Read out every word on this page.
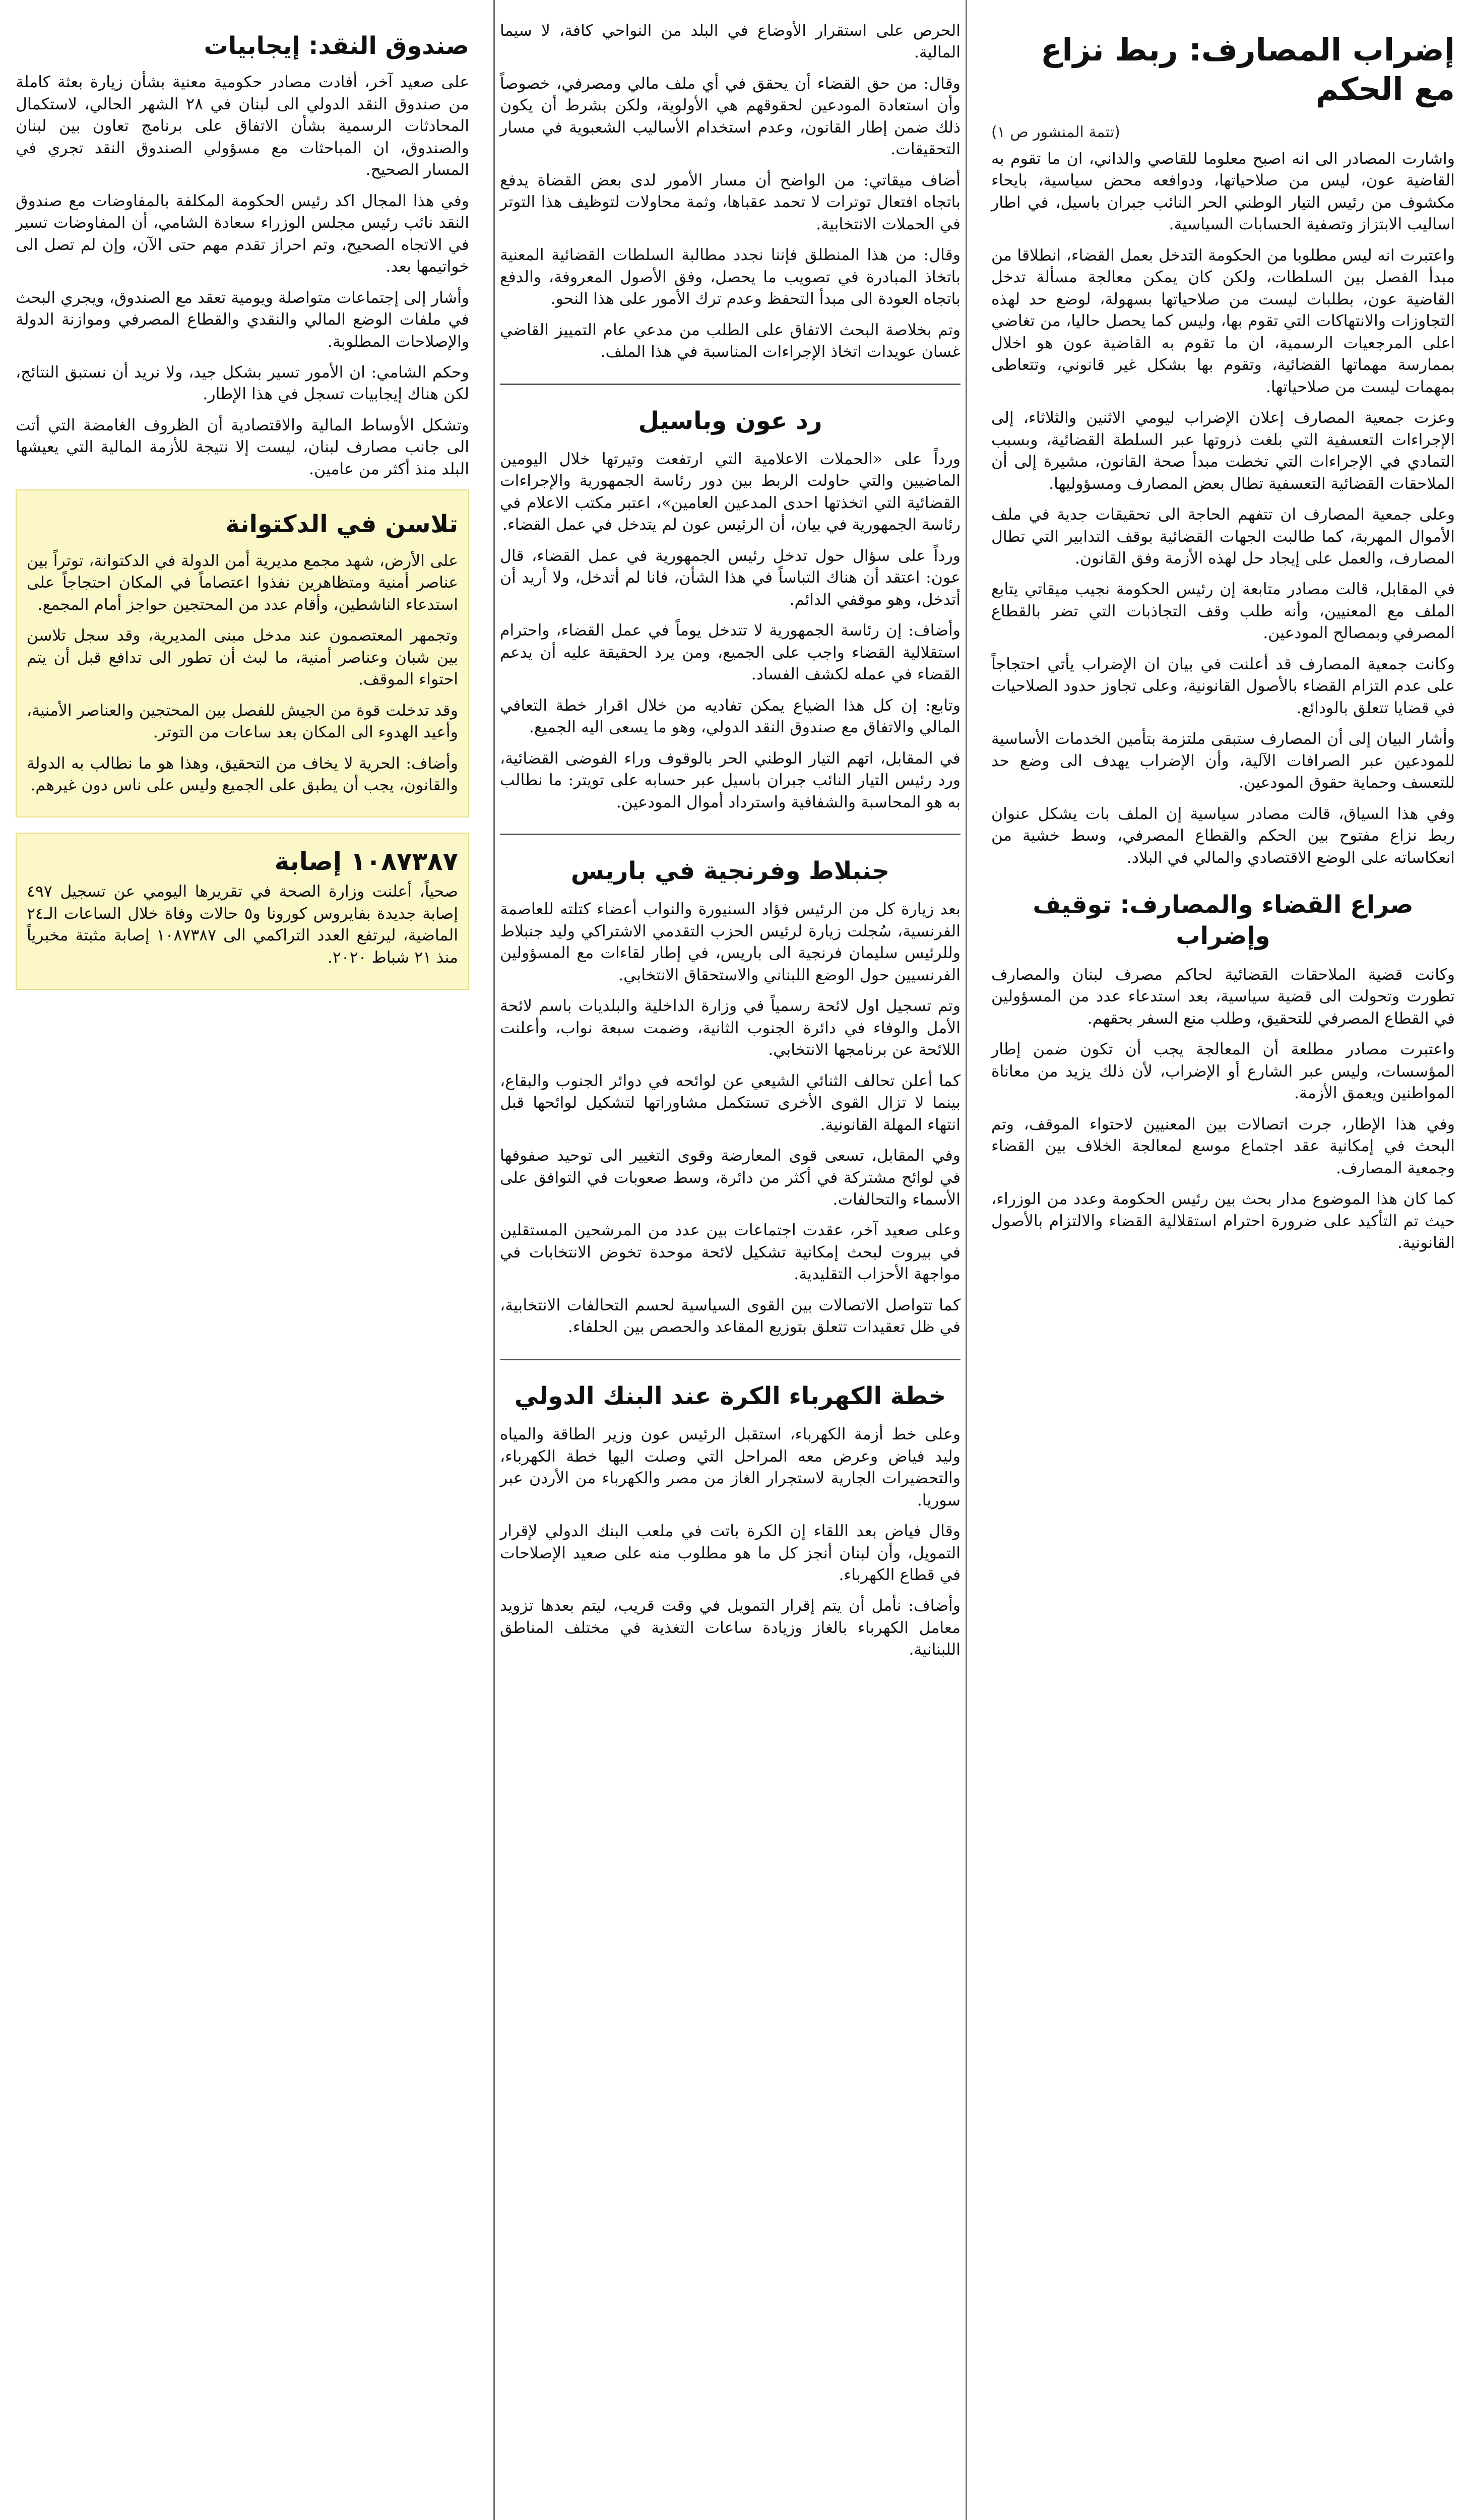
إضراب المصارف: ربط نزاع مع الحكم
(تتمة المنشور ص ١)

واشارت المصادر الى انه اصبح معلوما للقاصي والداني، ان ما تقوم به القاضية عون، ليس من صلاحياتها، ودوافعه محض سياسية، بايحاء مكشوف من رئيس التيار الوطني الحر النائب جبران باسيل، في اطار اساليب الابتزاز وتصفية الحسابات السياسية.

واعتبرت انه ليس مطلوبا من الحكومة التدخل بعمل القضاء، انطلاقا من مبدأ الفصل بين السلطات، ولكن كان يمكن معالجة مسألة تدخل القاضية عون، بطلبات ليست من صلاحياتها بسهولة، لوضع حد لهذه التجاوزات والانتهاكات التي تقوم بها، وليس كما يحصل حاليا، من تغاضي اعلى المرجعيات الرسمية، ان ما تقوم به القاضية عون هو اخلال بممارسة مهماتها القضائية، وتقوم بها بشكل غير قانوني، وتتعاطى بمهمات ليست من صلاحياتها.

وعزت جمعية المصارف إعلان الإضراب ليومي الاثنين والثلاثاء، إلى الإجراءات التعسفية التي بلغت ذروتها عبر السلطة القضائية، وبسبب التمادي في الإجراءات التي تخطت مبدأ صحة القانون، مشيرة إلى أن الملاحقات القضائية التعسفية تطال بعض المصارف ومسؤوليها.

وعلى جمعية المصارف ان تتفهم الحاجة الى تحقيقات جدية في ملف الأموال المهربة، كما طالبت الجهات القضائية بوقف التدابير التي تطال المصارف، والعمل على إيجاد حل لهذه الأزمة وفق القانون.

في المقابل، قالت مصادر متابعة إن رئيس الحكومة نجيب ميقاتي يتابع الملف مع المعنيين، وأنه طلب وقف التجاذبات التي تضر بالقطاع المصرفي وبمصالح المودعين.

وكانت جمعية المصارف قد أعلنت في بيان ان الإضراب يأتي احتجاجاً على عدم التزام القضاء بالأصول القانونية، وعلى تجاوز حدود الصلاحيات في قضايا تتعلق بالودائع.

وأشار البيان إلى أن المصارف ستبقى ملتزمة بتأمين الخدمات الأساسية للمودعين عبر الصرافات الآلية، وأن الإضراب يهدف الى وضع حد للتعسف وحماية حقوق المودعين.

وفي هذا السياق، قالت مصادر سياسية إن الملف بات يشكل عنوان ربط نزاع مفتوح بين الحكم والقطاع المصرفي، وسط خشية من انعكاساته على الوضع الاقتصادي والمالي في البلاد.

صراع القضاء والمصارف: توقيف وإضراب

وكانت قضية الملاحقات القضائية لحاكم مصرف لبنان والمصارف تطورت وتحولت الى قضية سياسية، بعد استدعاء عدد من المسؤولين في القطاع المصرفي للتحقيق، وطلب منع السفر بحقهم.

واعتبرت مصادر مطلعة أن المعالجة يجب أن تكون ضمن إطار المؤسسات، وليس عبر الشارع أو الإضراب، لأن ذلك يزيد من معاناة المواطنين ويعمق الأزمة.

وفي هذا الإطار، جرت اتصالات بين المعنيين لاحتواء الموقف، وتم البحث في إمكانية عقد اجتماع موسع لمعالجة الخلاف بين القضاء وجمعية المصارف.

كما كان هذا الموضوع مدار بحث بين رئيس الحكومة وعدد من الوزراء، حيث تم التأكيد على ضرورة احترام استقلالية القضاء والالتزام بالأصول القانونية.

الحرص على استقرار الأوضاع في البلد من النواحي كافة، لا سيما المالية.

وقال: من حق القضاء أن يحقق في أي ملف مالي ومصرفي، خصوصاً وأن استعادة المودعين لحقوقهم هي الأولوية، ولكن بشرط أن يكون ذلك ضمن إطار القانون، وعدم استخدام الأساليب الشعبوية في مسار التحقيقات.

أضاف ميقاتي: من الواضح أن مسار الأمور لدى بعض القضاة يدفع باتجاه افتعال توترات لا تحمد عقباها، وثمة محاولات لتوظيف هذا التوتر في الحملات الانتخابية.

وقال: من هذا المنطلق فإننا نجدد مطالبة السلطات القضائية المعنية باتخاذ المبادرة في تصويب ما يحصل، وفق الأصول المعروفة، والدفع باتجاه العودة الى مبدأ التحفظ وعدم ترك الأمور على هذا النحو.

وتم بخلاصة البحث الاتفاق على الطلب من مدعي عام التمييز القاضي غسان عويدات اتخاذ الإجراءات المناسبة في هذا الملف.

رد عون وباسيل

ورداً على «الحملات الاعلامية التي ارتفعت وتيرتها خلال اليومين الماضيين والتي حاولت الربط بين دور رئاسة الجمهورية والإجراءات القضائية التي اتخذتها احدى المدعين العامين»، اعتبر مكتب الاعلام في رئاسة الجمهورية في بيان، أن الرئيس عون لم يتدخل في عمل القضاء.

ورداً على سؤال حول تدخل رئيس الجمهورية في عمل القضاء، قال عون: اعتقد أن هناك التباساً في هذا الشأن، فانا لم أتدخل، ولا أريد أن أتدخل، وهو موقفي الدائم.

وأضاف: إن رئاسة الجمهورية لا تتدخل يوماً في عمل القضاء، واحترام استقلالية القضاء واجب على الجميع، ومن يرد الحقيقة عليه أن يدعم القضاء في عمله لكشف الفساد.

وتابع: إن كل هذا الضياع يمكن تفاديه من خلال اقرار خطة التعافي المالي والاتفاق مع صندوق النقد الدولي، وهو ما يسعى اليه الجميع.

في المقابل، اتهم التيار الوطني الحر بالوقوف وراء الفوضى القضائية، ورد رئيس التيار النائب جبران باسيل عبر حسابه على تويتر: ما نطالب به هو المحاسبة والشفافية واسترداد أموال المودعين.

جنبلاط وفرنجية في باريس

بعد زيارة كل من الرئيس فؤاد السنيورة والنواب أعضاء كتلته للعاصمة الفرنسية، سُجلت زيارة لرئيس الحزب التقدمي الاشتراكي وليد جنبلاط وللرئيس سليمان فرنجية الى باريس، في إطار لقاءات مع المسؤولين الفرنسيين حول الوضع اللبناني والاستحقاق الانتخابي.

وتم تسجيل اول لائحة رسمياً في وزارة الداخلية والبلديات باسم لائحة الأمل والوفاء في دائرة الجنوب الثانية، وضمت سبعة نواب، وأعلنت اللائحة عن برنامجها الانتخابي.

كما أعلن تحالف الثنائي الشيعي عن لوائحه في دوائر الجنوب والبقاع، بينما لا تزال القوى الأخرى تستكمل مشاوراتها لتشكيل لوائحها قبل انتهاء المهلة القانونية.

وفي المقابل، تسعى قوى المعارضة وقوى التغيير الى توحيد صفوفها في لوائح مشتركة في أكثر من دائرة، وسط صعوبات في التوافق على الأسماء والتحالفات.

وعلى صعيد آخر، عقدت اجتماعات بين عدد من المرشحين المستقلين في بيروت لبحث إمكانية تشكيل لائحة موحدة تخوض الانتخابات في مواجهة الأحزاب التقليدية.

كما تتواصل الاتصالات بين القوى السياسية لحسم التحالفات الانتخابية، في ظل تعقيدات تتعلق بتوزيع المقاعد والحصص بين الحلفاء.

خطة الكهرباء الكرة عند البنك الدولي

وعلى خط أزمة الكهرباء، استقبل الرئيس عون وزير الطاقة والمياه وليد فياض وعرض معه المراحل التي وصلت اليها خطة الكهرباء، والتحضيرات الجارية لاستجرار الغاز من مصر والكهرباء من الأردن عبر سوريا.

وقال فياض بعد اللقاء إن الكرة باتت في ملعب البنك الدولي لإقرار التمويل، وأن لبنان أنجز كل ما هو مطلوب منه على صعيد الإصلاحات في قطاع الكهرباء.

وأضاف: نأمل أن يتم إقرار التمويل في وقت قريب، ليتم بعدها تزويد معامل الكهرباء بالغاز وزيادة ساعات التغذية في مختلف المناطق اللبنانية.

صندوق النقد: إيجابيات

على صعيد آخر، أفادت مصادر حكومية معنية بشأن زيارة بعثة كاملة من صندوق النقد الدولي الى لبنان في ٢٨ الشهر الحالي، لاستكمال المحادثات الرسمية بشأن الاتفاق على برنامج تعاون بين لبنان والصندوق، ان المباحثات مع مسؤولي الصندوق النقد تجري في المسار الصحيح.

وفي هذا المجال اكد رئيس الحكومة المكلفة بالمفاوضات مع صندوق النقد نائب رئيس مجلس الوزراء سعادة الشامي، أن المفاوضات تسير في الاتجاه الصحيح، وتم احراز تقدم مهم حتى الآن، وإن لم تصل الى خواتيمها بعد.

وأشار إلى إجتماعات متواصلة ويومية تعقد مع الصندوق، ويجري البحث في ملفات الوضع المالي والنقدي والقطاع المصرفي وموازنة الدولة والإصلاحات المطلوبة.

وحكم الشامي: ان الأمور تسير بشكل جيد، ولا نريد أن نستبق النتائج، لكن هناك إيجابيات تسجل في هذا الإطار.

وتشكل الأوساط المالية والاقتصادية أن الظروف الغامضة التي أتت الى جانب مصارف لبنان، ليست إلا نتيجة للأزمة المالية التي يعيشها البلد منذ أكثر من عامين.

تلاسن في الدكتوانة

على الأرض، شهد مجمع مديرية أمن الدولة في الدكتوانة، توتراً بين عناصر أمنية ومتظاهرين نفذوا اعتصاماً في المكان احتجاجاً على استدعاء الناشطين، وأقام عدد من المحتجين حواجز أمام المجمع.

وتجمهر المعتصمون عند مدخل مبنى المديرية، وقد سجل تلاسن بين شبان وعناصر أمنية، ما لبث أن تطور الى تدافع قبل أن يتم احتواء الموقف.

وقد تدخلت قوة من الجيش للفصل بين المحتجين والعناصر الأمنية، وأعيد الهدوء الى المكان بعد ساعات من التوتر.

وأضاف: الحرية لا يخاف من التحقيق، وهذا هو ما نطالب به الدولة والقانون، يجب أن يطبق على الجميع وليس على ناس دون غيرهم.

١٠٨٧٣٨٧ إصابة

صحياً، أعلنت وزارة الصحة في تقريرها اليومي عن تسجيل ٤٩٧ إصابة جديدة بفايروس كورونا و٥ حالات وفاة خلال الساعات الـ٢٤ الماضية، ليرتفع العدد التراكمي الى ١٠٨٧٣٨٧ إصابة مثبتة مخبرياً منذ ٢١ شباط ٢٠٢٠.
